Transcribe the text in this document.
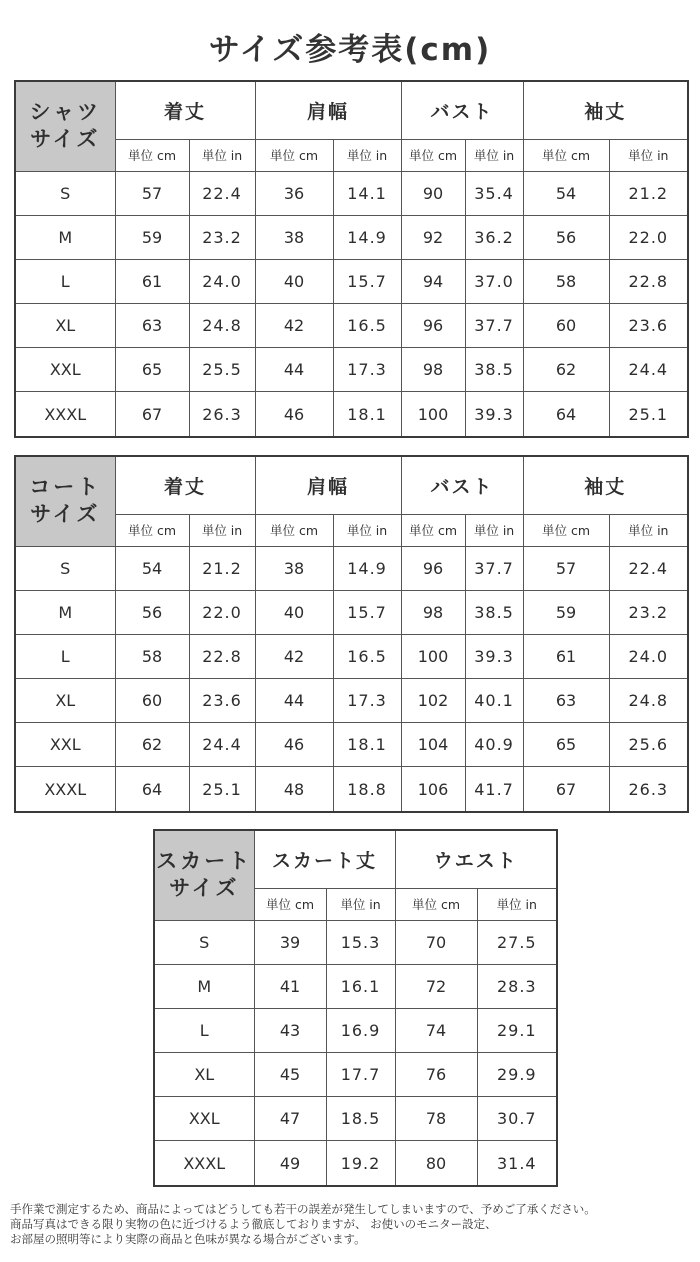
サイズ参考表(cm)
シャツ
サイズ	着丈		肩幅		バスト		袖丈	
	単位 cm	単位 in	単位 cm	単位 in	単位 cm	単位 in	単位 cm	単位 in
S	57	22.4	36	14.1	90	35.4	54	21.2
M	59	23.2	38	14.9	92	36.2	56	22.0
L	61	24.0	40	15.7	94	37.0	58	22.8
XL	63	24.8	42	16.5	96	37.7	60	23.6
XXL	65	25.5	44	17.3	98	38.5	62	24.4
XXXL	67	26.3	46	18.1	100	39.3	64	25.1
コート
サイズ	着丈		肩幅		バスト		袖丈	
	単位 cm	単位 in	単位 cm	単位 in	単位 cm	単位 in	単位 cm	単位 in
S	54	21.2	38	14.9	96	37.7	57	22.4
M	56	22.0	40	15.7	98	38.5	59	23.2
L	58	22.8	42	16.5	100	39.3	61	24.0
XL	60	23.6	44	17.3	102	40.1	63	24.8
XXL	62	24.4	46	18.1	104	40.9	65	25.6
XXXL	64	25.1	48	18.8	106	41.7	67	26.3
スカート
サイズ	スカート丈		ウエスト	
	単位 cm	単位 in	単位 cm	単位 in
S	39	15.3	70	27.5
M	41	16.1	72	28.3
L	43	16.9	74	29.1
XL	45	17.7	76	29.9
XXL	47	18.5	78	30.7
XXXL	49	19.2	80	31.4
手作業で測定するため、商品によってはどうしても若干の誤差が発生してしまいますので、予めご了承ください。
商品写真はできる限り実物の色に近づけるよう徹底しておりますが、 お使いのモニター設定、
お部屋の照明等により実際の商品と色味が異なる場合がございます。
